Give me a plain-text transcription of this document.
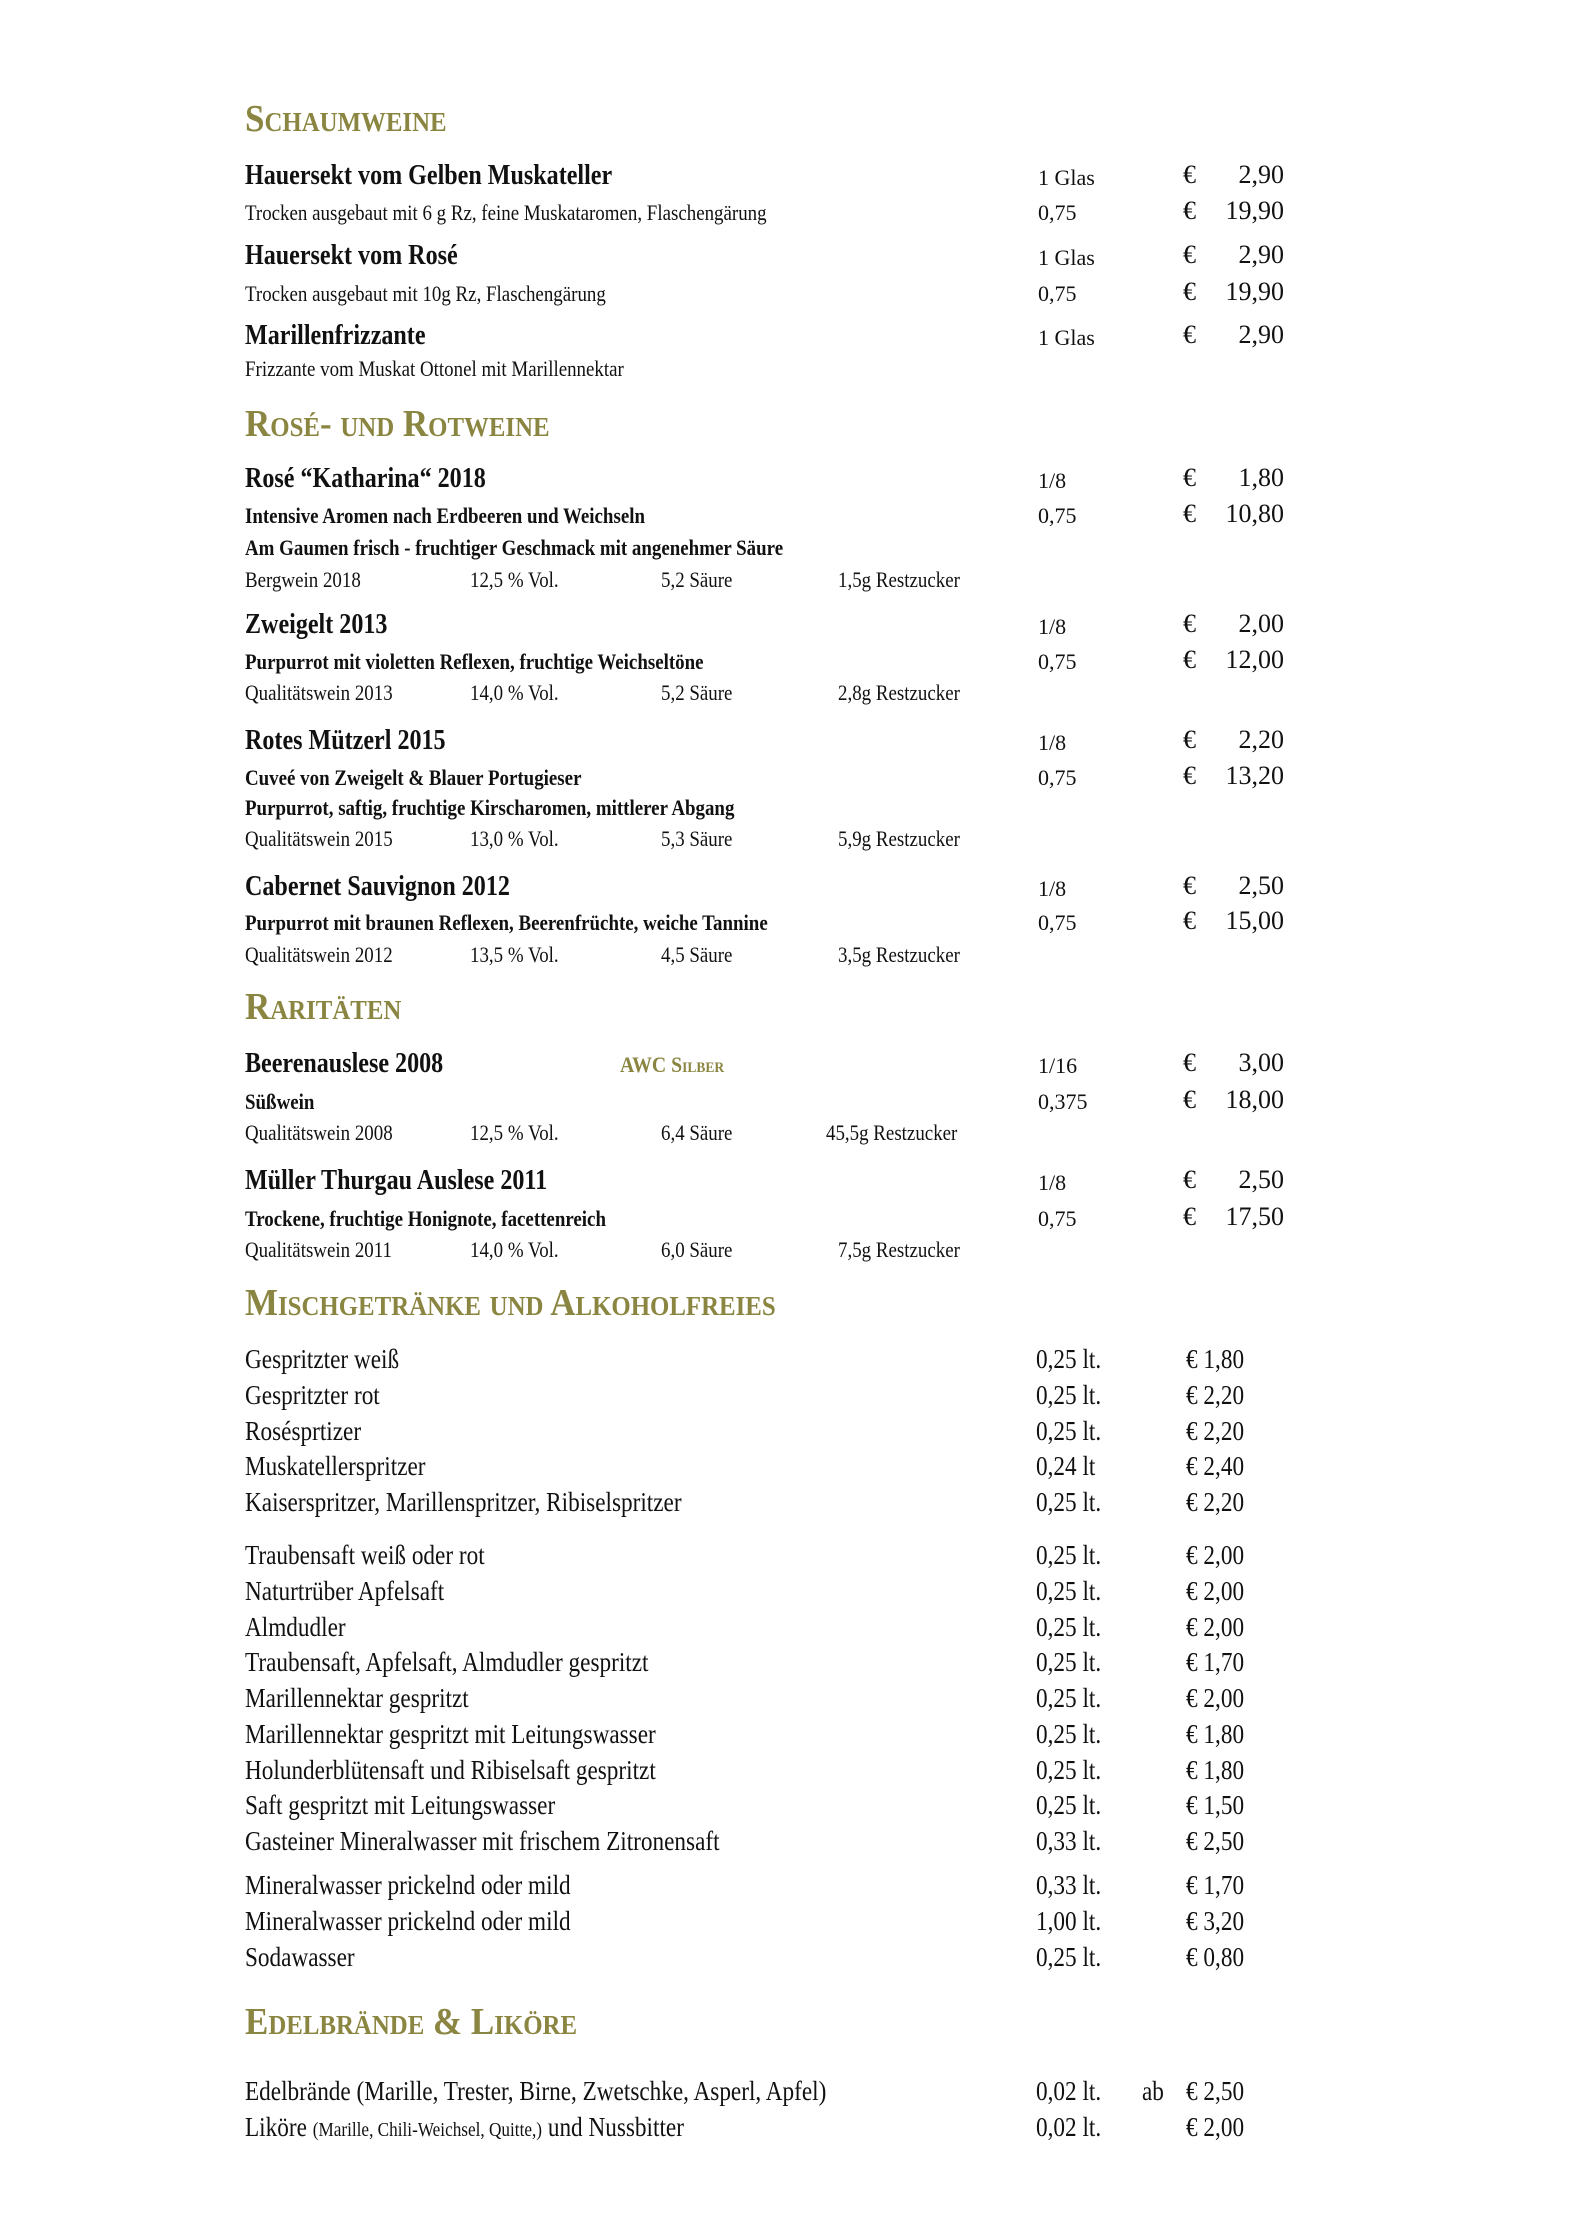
Schaumweine
Rosé- und Rotweine
Raritäten
Mischgetränke und Alkoholfreies
Edelbrände & Liköre
Hauersekt vom Gelben Muskateller
Trocken ausgebaut mit 6 g Rz, feine Muskataromen, Flaschengärung
1 Glas	€	2,90
0,75	€	19,90
Hauersekt vom Rosé
Trocken ausgebaut mit 10g Rz, Flaschengärung
1 Glas	€	2,90
0,75	€	19,90
Marillenfrizzante
Frizzante vom Muskat Ottonel mit Marillennektar
1 Glas	€	2,90
Rosé “Katharina“ 2018
Intensive Aromen nach Erdbeeren und Weichseln
Am Gaumen frisch - fruchtiger Geschmack mit angenehmer Säure
Bergwein 2018	12,5 % Vol.	5,2 Säure	1,5g Restzucker
1/8	€	1,80
0,75	€	10,80
Zweigelt 2013
Purpurrot mit violetten Reflexen, fruchtige Weichseltöne
Qualitätswein 2013	14,0 % Vol.	5,2 Säure	2,8g Restzucker
1/8	€	2,00
0,75	€	12,00
Rotes Mützerl 2015
Cuveé von Zweigelt & Blauer Portugieser
Purpurrot, saftig, fruchtige Kirscharomen, mittlerer Abgang
Qualitätswein 2015	13,0 % Vol.	5,3 Säure	5,9g Restzucker
1/8	€	2,20
0,75	€	13,20
Cabernet Sauvignon 2012
Purpurrot mit braunen Reflexen, Beerenfrüchte, weiche Tannine
Qualitätswein 2012	13,5 % Vol.	4,5 Säure	3,5g Restzucker
1/8	€	2,50
0,75	€	15,00
Beerenauslese 2008	AWC Silber
Süßwein
Qualitätswein 2008	12,5 % Vol.	6,4 Säure	45,5g Restzucker
1/16	€	3,00
0,375	€	18,00
Müller Thurgau Auslese 2011
Trockene, fruchtige Honignote, facettenreich
Qualitätswein 2011	14,0 % Vol.	6,0 Säure	7,5g Restzucker
1/8	€	2,50
0,75	€	17,50
Gespritzter weiß	0,25 lt.	€ 1,80
Gespritzter rot	0,25 lt.	€ 2,20
Rosésprtizer	0,25 lt.	€ 2,20
Muskatellerspritzer	0,24 lt	€ 2,40
Kaiserspritzer, Marillenspritzer, Ribiselspritzer	0,25 lt.	€ 2,20
Traubensaft weiß oder rot	0,25 lt.	€ 2,00
Naturtrüber Apfelsaft	0,25 lt.	€ 2,00
Almdudler	0,25 lt.	€ 2,00
Traubensaft, Apfelsaft, Almdudler gespritzt	0,25 lt.	€ 1,70
Marillennektar gespritzt	0,25 lt.	€ 2,00
Marillennektar gespritzt mit Leitungswasser	0,25 lt.	€ 1,80
Holunderblütensaft und Ribiselsaft gespritzt	0,25 lt.	€ 1,80
Saft gespritzt mit Leitungswasser	0,25 lt.	€ 1,50
Gasteiner Mineralwasser mit frischem Zitronensaft	0,33 lt.	€ 2,50
Mineralwasser prickelnd oder mild	0,33 lt.	€ 1,70
Mineralwasser prickelnd oder mild	1,00 lt.	€ 3,20
Sodawasser	0,25 lt.	€ 0,80
Edelbrände (Marille, Trester, Birne, Zwetschke, Asperl, Apfel)	0,02 lt. ab € 2,50
Liköre (Marille, Chili-Weichsel, Quitte,) und Nussbitter	0,02 lt.	€ 2,00
